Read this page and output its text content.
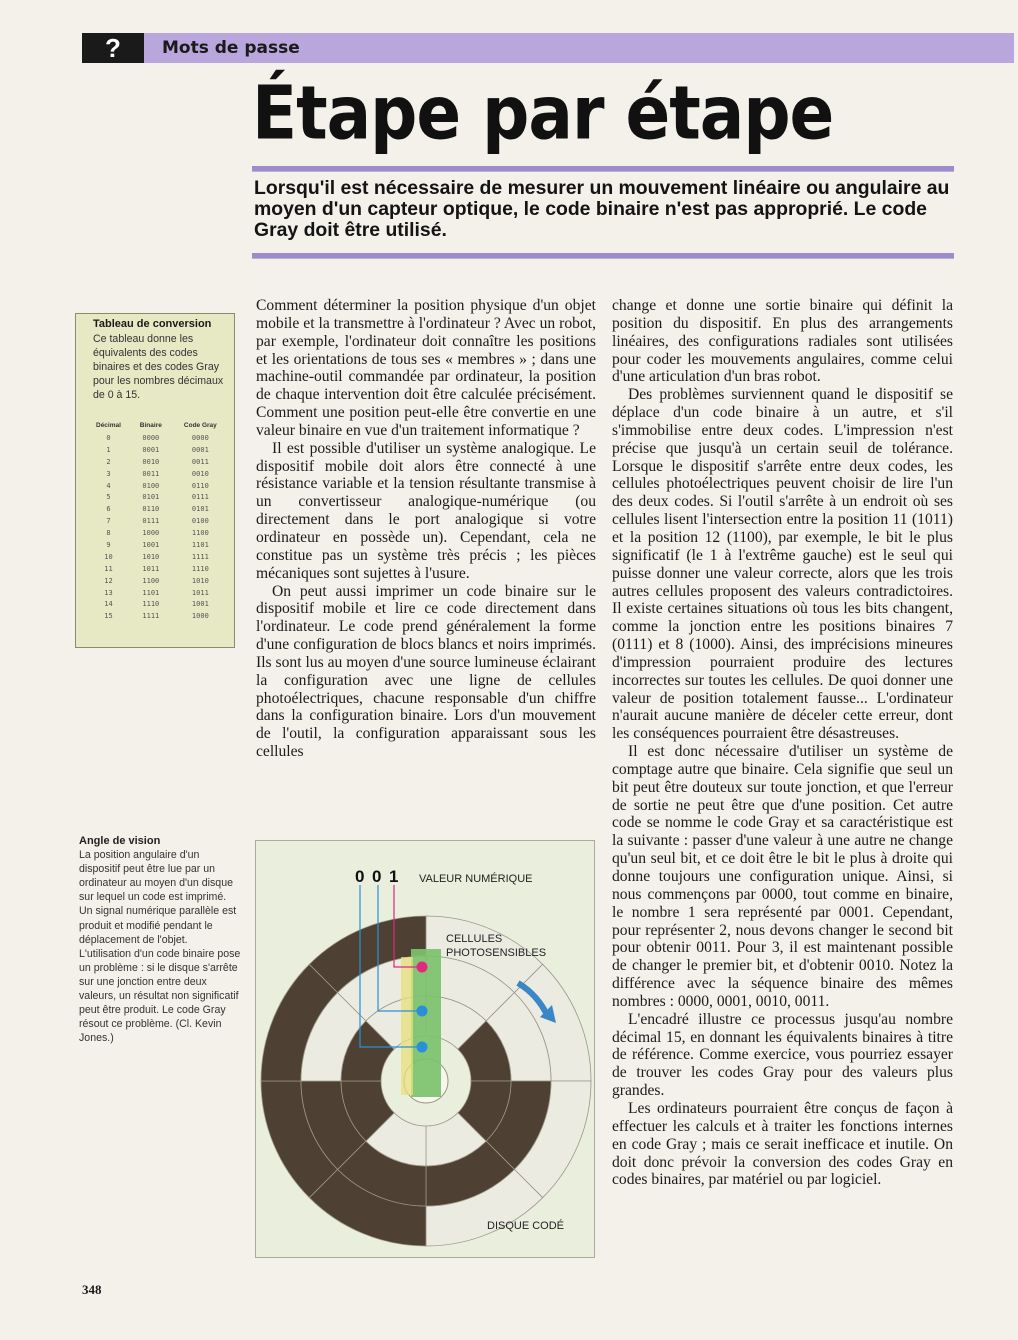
?	Mots de passe
Étape par étape
Lorsqu'il est nécessaire de mesurer un mouvement linéaire ou angulaire au moyen d'un capteur optique, le code binaire n'est pas approprié. Le code Gray doit être utilisé.
Tableau de conversion
Ce tableau donne les équivalents des codes binaires et des codes Gray pour les nombres décimaux de 0 à 15.
Décimal	Binaire	Code Gray
0	0000	0000
1	0001	0001
2	0010	0011
3	0011	0010
4	0100	0110
5	0101	0111
6	0110	0101
7	0111	0100
8	1000	1100
9	1001	1101
10	1010	1111
11	1011	1110
12	1100	1010
13	1101	1011
14	1110	1001
15	1111	1000

Comment déterminer la position physique d'un objet mobile et la transmettre à l'ordinateur ? Avec un robot, par exemple, l'ordinateur doit connaître les positions et les orientations de tous ses « membres » ; dans une machine-outil commandée par ordinateur, la position de chaque intervention doit être calculée précisément. Comment une position peut-elle être convertie en une valeur binaire en vue d'un traitement informatique ?

Il est possible d'utiliser un système analogique. Le dispositif mobile doit alors être connecté à une résistance variable et la tension résultante transmise à un convertisseur analogique-numérique (ou directement dans le port analogique si votre ordinateur en possède un). Cependant, cela ne constitue pas un système très précis ; les pièces mécaniques sont sujettes à l'usure.

On peut aussi imprimer un code binaire sur le dispositif mobile et lire ce code directement dans l'ordinateur. Le code prend généralement la forme d'une configuration de blocs blancs et noirs imprimés. Ils sont lus au moyen d'une source lumineuse éclairant la configuration avec une ligne de cellules photoélectriques, chacune responsable d'un chiffre dans la configuration binaire. Lors d'un mouvement de l'outil, la configuration apparaissant sous les cellules

change et donne une sortie binaire qui définit la position du dispositif. En plus des arrangements linéaires, des configurations radiales sont utilisées pour coder les mouvements angulaires, comme celui d'une articulation d'un bras robot.

Des problèmes surviennent quand le dispositif se déplace d'un code binaire à un autre, et s'il s'immobilise entre deux codes. L'impression n'est précise que jusqu'à un certain seuil de tolérance. Lorsque le dispositif s'arrête entre deux codes, les cellules photoélectriques peuvent choisir de lire l'un des deux codes. Si l'outil s'arrête à un endroit où ses cellules lisent l'intersection entre la position 11 (1011) et la position 12 (1100), par exemple, le bit le plus significatif (le 1 à l'extrême gauche) est le seul qui puisse donner une valeur correcte, alors que les trois autres cellules proposent des valeurs contradictoires. Il existe certaines situations où tous les bits changent, comme la jonction entre les positions binaires 7 (0111) et 8 (1000). Ainsi, des imprécisions mineures d'impression pourraient produire des lectures incorrectes sur toutes les cellules. De quoi donner une valeur de position totalement fausse... L'ordinateur n'aurait aucune manière de déceler cette erreur, dont les conséquences pourraient être désastreuses.

Il est donc nécessaire d'utiliser un système de comptage autre que binaire. Cela signifie que seul un bit peut être douteux sur toute jonction, et que l'erreur de sortie ne peut être que d'une position. Cet autre code se nomme le code Gray et sa caractéristique est la suivante : passer d'une valeur à une autre ne change qu'un seul bit, et ce doit être le bit le plus à droite qui donne toujours une configuration unique. Ainsi, si nous commençons par 0000, tout comme en binaire, le nombre 1 sera représenté par 0001. Cependant, pour représenter 2, nous devons changer le second bit pour obtenir 0011. Pour 3, il est maintenant possible de changer le premier bit, et d'obtenir 0010. Notez la différence avec la séquence binaire des mêmes nombres : 0000, 0001, 0010, 0011.

L'encadré illustre ce processus jusqu'au nombre décimal 15, en donnant les équivalents binaires à titre de référence. Comme exercice, vous pourriez essayer de trouver les codes Gray pour des valeurs plus grandes.

Les ordinateurs pourraient être conçus de façon à effectuer les calculs et à traiter les fonctions internes en code Gray ; mais ce serait inefficace et inutile. On doit donc prévoir la conversion des codes Gray en codes binaires, par matériel ou par logiciel.

Angle de vision
La position angulaire d'un dispositif peut être lue par un ordinateur au moyen d'un disque sur lequel un code est imprimé. Un signal numérique parallèle est produit et modifié pendant le déplacement de l'objet. L'utilisation d'un code binaire pose un problème : si le disque s'arrête sur une jonction entre deux valeurs, un résultat non significatif peut être produit. Le code Gray résout ce problème. (Cl. Kevin Jones.)
0 0 1 VALEUR NUMÉRIQUE
CELLULES
PHOTOSENSIBLES
DISQUE CODÉ
348
